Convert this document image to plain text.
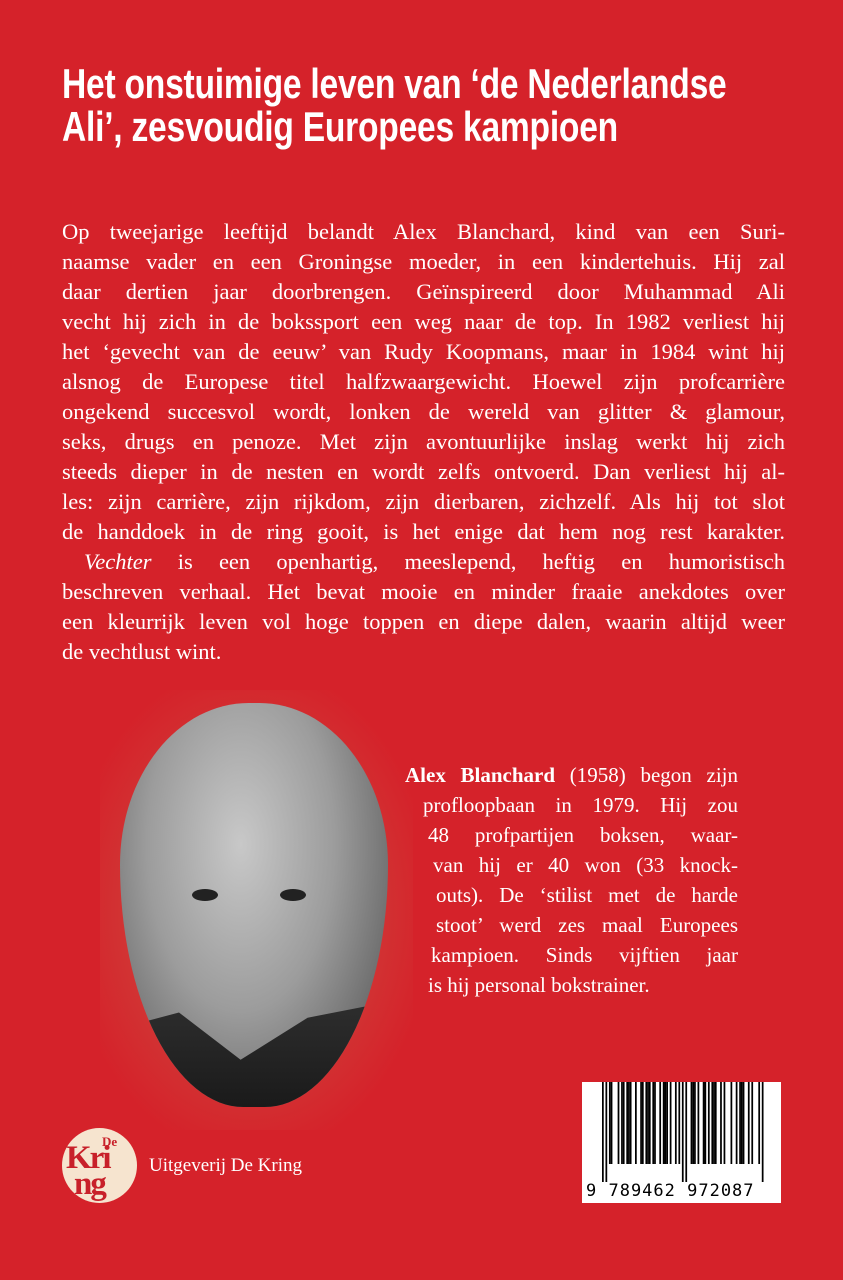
Het onstuimige leven van ‘de Nederlandse
Ali’, zesvoudig Europees kampioen
Op tweejarige leeftijd belandt Alex Blanchard, kind van een Suri-
naamse vader en een Groningse moeder, in een kindertehuis. Hij zal
daar dertien jaar doorbrengen. Geïnspireerd door Muhammad Ali
vecht hij zich in de bokssport een weg naar de top. In 1982 verliest hij
het ‘gevecht van de eeuw’ van Rudy Koopmans, maar in 1984 wint hij
alsnog de Europese titel halfzwaargewicht. Hoewel zijn profcarrière
ongekend succesvol wordt, lonken de wereld van glitter & glamour,
seks, drugs en penoze. Met zijn avontuurlijke inslag werkt hij zich
steeds dieper in de nesten en wordt zelfs ontvoerd. Dan verliest hij al-
les: zijn carrière, zijn rijkdom, zijn dierbaren, zichzelf. Als hij tot slot
de handdoek in de ring gooit, is het enige dat hem nog rest karakter.
Vechter is een openhartig, meeslepend, heftig en humoristisch
beschreven verhaal. Het bevat mooie en minder fraaie anekdotes over
een kleurrijk leven vol hoge toppen en diepe dalen, waarin altijd weer
de vechtlust wint.
Alex Blanchard (1958) begon zijn
profloopbaan in 1979. Hij zou
48 profpartijen boksen, waar-
van hij er 40 won (33 knock-
outs). De ‘stilist met de harde
stoot’ werd zes maal Europees
kampioen. Sinds vijftien jaar
is hij personal bokstrainer.
De
Kri
ng
Uitgeverij De Kring
9 789462 972087
